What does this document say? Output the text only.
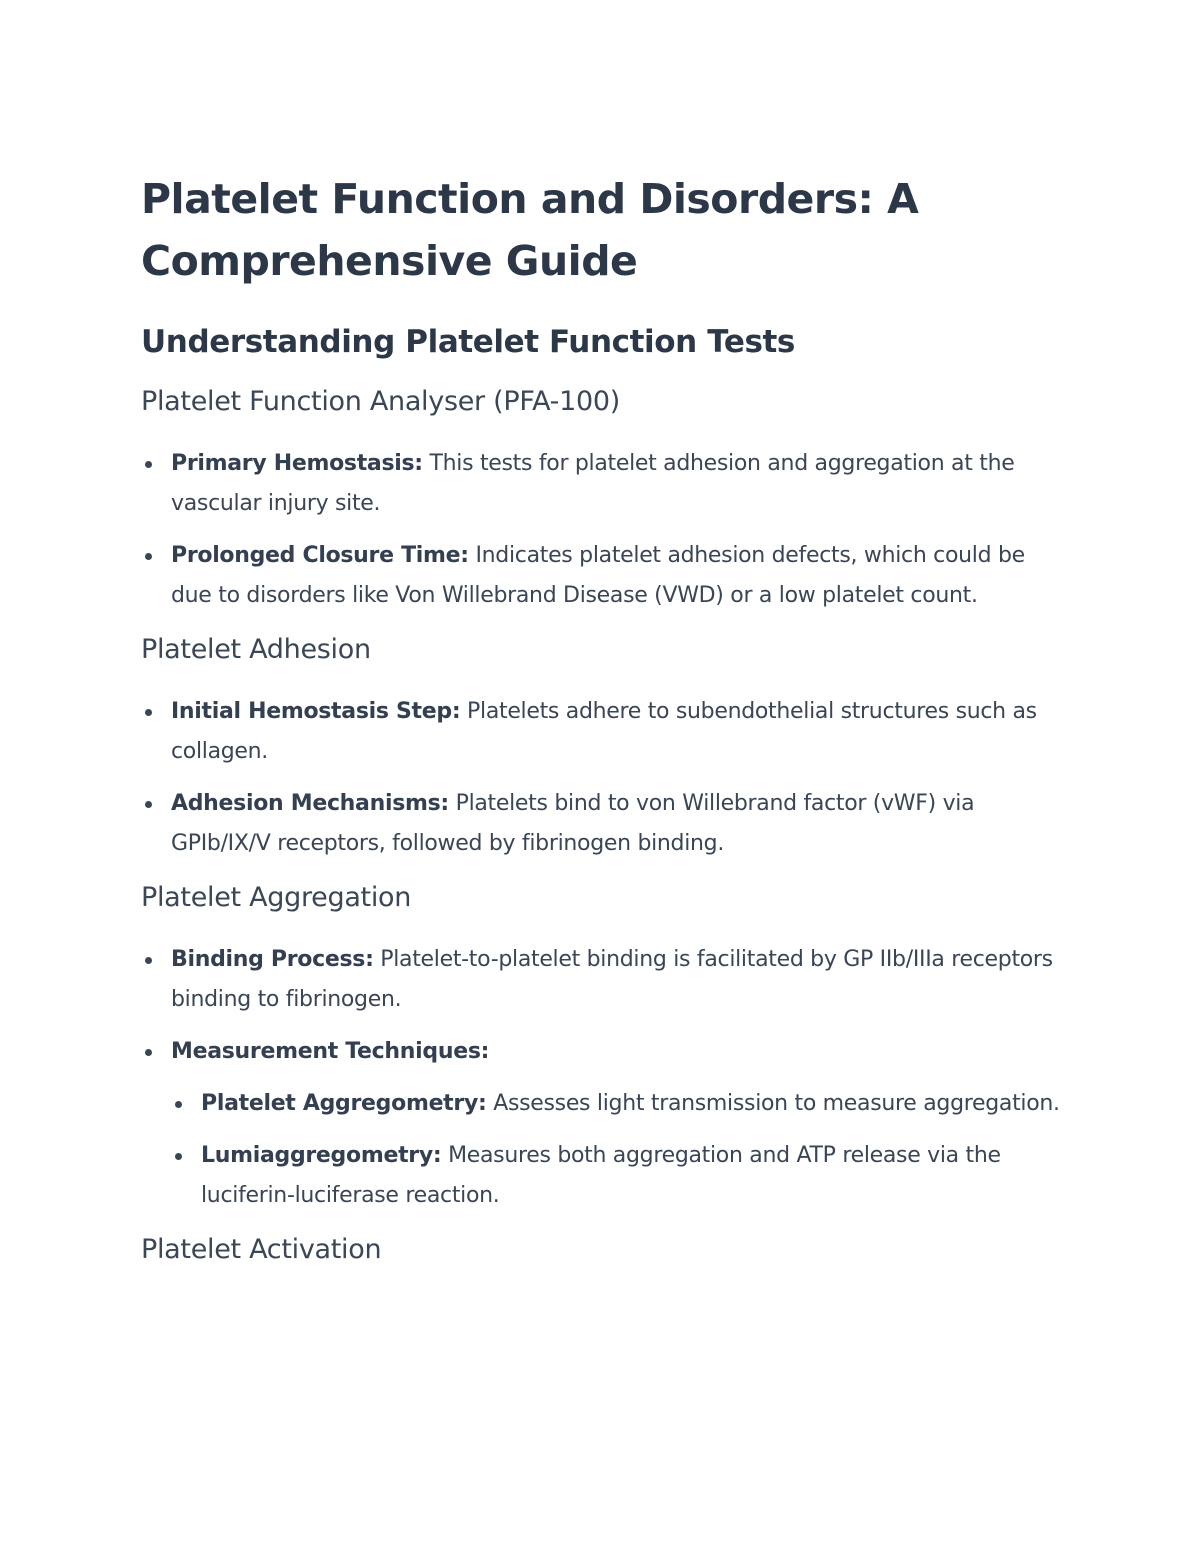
Platelet Function and Disorders: A Comprehensive Guide
Understanding Platelet Function Tests
Platelet Function Analyser (PFA-100)
Primary Hemostasis: This tests for platelet adhesion and aggregation at the vascular injury site.
Prolonged Closure Time: Indicates platelet adhesion defects, which could be due to disorders like Von Willebrand Disease (VWD) or a low platelet count.
Platelet Adhesion
Initial Hemostasis Step: Platelets adhere to subendothelial structures such as collagen.
Adhesion Mechanisms: Platelets bind to von Willebrand factor (vWF) via GPIb/IX/V receptors, followed by fibrinogen binding.
Platelet Aggregation
Binding Process: Platelet-to-platelet binding is facilitated by GP IIb/IIIa receptors binding to fibrinogen.
Measurement Techniques:
Platelet Aggregometry: Assesses light transmission to measure aggregation.
Lumiaggregometry: Measures both aggregation and ATP release via the luciferin-luciferase reaction.
Platelet Activation
